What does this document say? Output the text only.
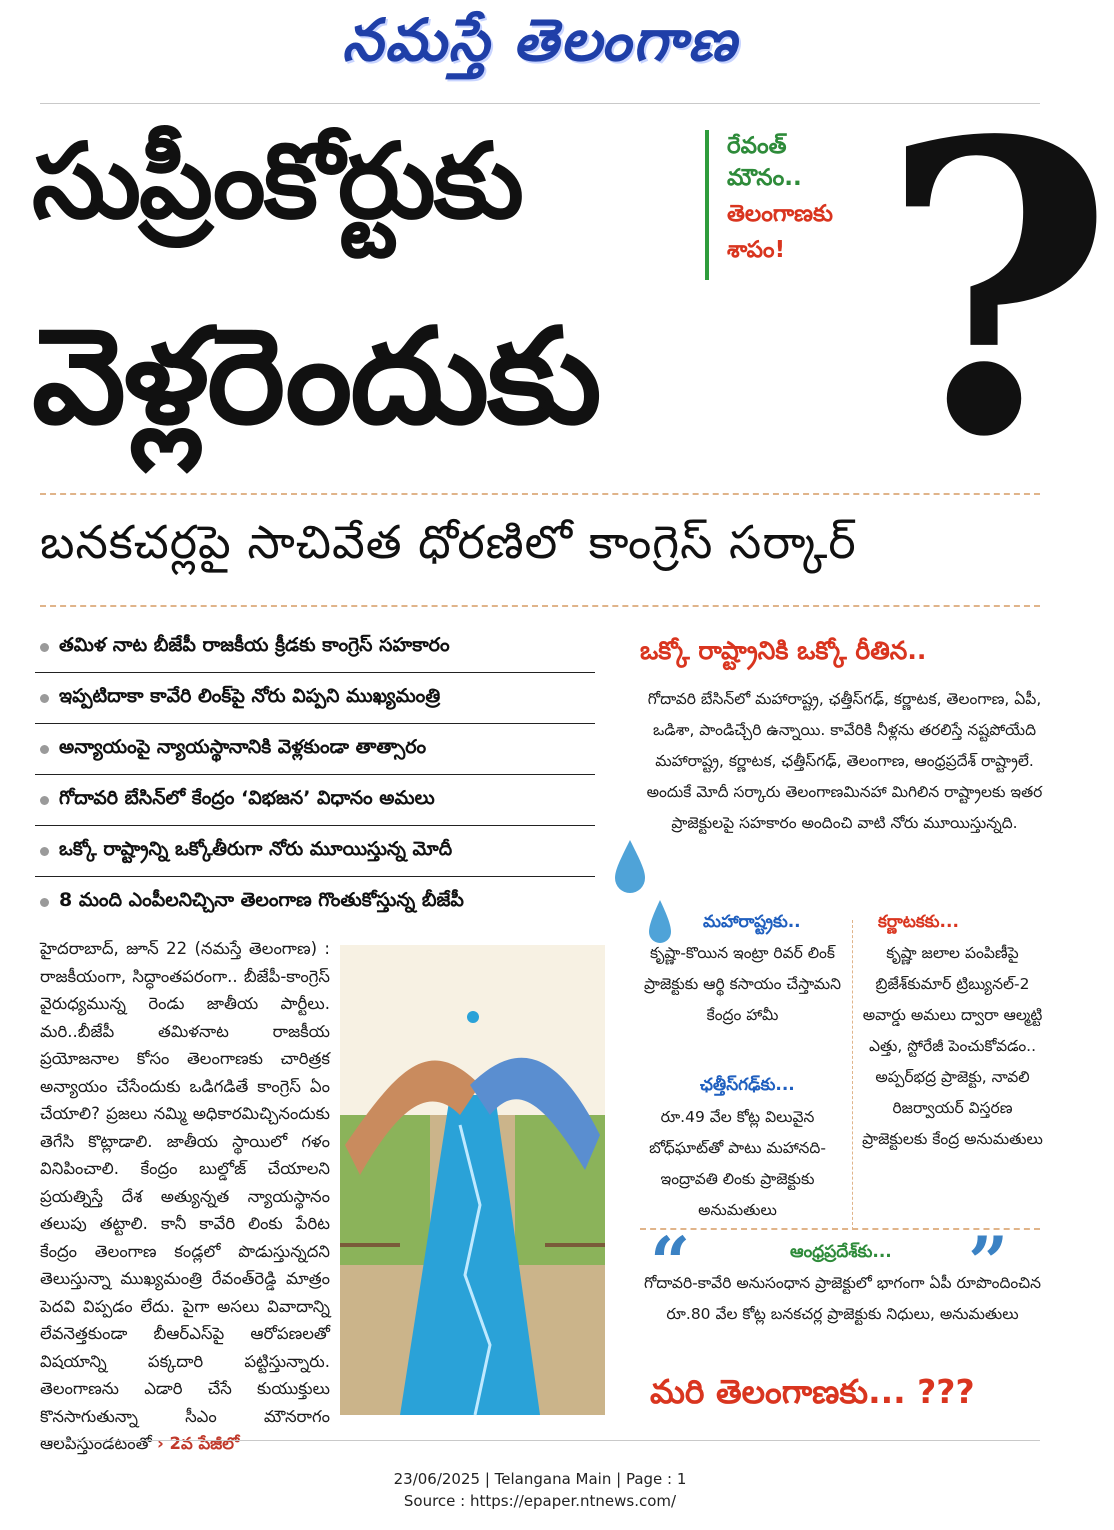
నమస్తే తెలంగాణ
సుప్రీంకోర్టుకు
వెళ్లరెందుకు ?
రేవంత్
మౌనం..
తెలంగాణకు
శాపం!
బనకచర్లపై సాచివేత ధోరణిలో కాంగ్రెస్ సర్కార్
తమిళ నాట బీజేపీ రాజకీయ క్రీడకు కాంగ్రెస్ సహకారం
ఇప్పటిదాకా కావేరి లింక్‌పై నోరు విప్పని ముఖ్యమంత్రి
అన్యాయంపై న్యాయస్థానానికి వెళ్లకుండా తాత్సారం
గోదావరి బేసిన్‌లో కేంద్రం ‘విభజన’ విధానం అమలు
ఒక్కో రాష్ట్రాన్ని ఒక్కోతీరుగా నోరు మూయిస్తున్న మోదీ
8 మంది ఎంపీలనిచ్చినా తెలంగాణ గొంతుకోస్తున్న బీజేపీ
హైదరాబాద్, జూన్ 22 (నమస్తే తెలంగాణ) : రాజకీయంగా, సిద్ధాంతపరంగా.. బీజేపీ-కాంగ్రెస్ వైరుధ్యమున్న రెండు జాతీయ పార్టీలు. మరి..బీజేపీ తమిళనాట రాజకీయ ప్రయోజనాల కోసం తెలంగాణకు చారిత్రక అన్యాయం చేసేందుకు ఒడిగడితే కాంగ్రెస్ ఏం చేయాలి? ప్రజలు నమ్మి అధికారమిచ్చినందుకు తెగేసి కొట్లాడాలి. జాతీయ స్థాయిలో గళం వినిపించాలి. కేంద్రం బుల్డోజ్ చేయాలని ప్రయత్నిస్తే దేశ అత్యున్నత న్యాయస్థానం తలుపు తట్టాలి. కానీ కావేరి లింకు పేరిట కేంద్రం తెలంగాణ కండ్లలో పొడుస్తున్నదని తెలుస్తున్నా ముఖ్యమంత్రి రేవంత్‌రెడ్డి మాత్రం పెదవి విప్పడం లేదు. పైగా అసలు వివాదాన్ని లేవనెత్తకుండా బీఆర్‌ఎస్‌పై ఆరోపణలతో విషయాన్ని పక్కదారి పట్టిస్తున్నారు. తెలంగాణను ఎడారి చేసే కుయుక్తులు కొనసాగుతున్నా సీఎం మౌనరాగం ఆలపిస్తుండటంతో › 2వ పేజీలో
ఒక్కో రాష్ట్రానికి ఒక్కో రీతిన..
గోదావరి బేసిన్‌లో మహారాష్ట్ర, ఛత్తీస్‌గఢ్, కర్ణాటక, తెలంగాణ, ఏపీ, ఒడిశా, పాండిచ్చేరి ఉన్నాయి. కావేరికి నీళ్లను తరలిస్తే నష్టపోయేది మహారాష్ట్ర, కర్ణాటక, ఛత్తీస్‌గఢ్, తెలంగాణ, ఆంధ్రప్రదేశ్ రాష్ట్రాలే. అందుకే మోదీ సర్కారు తెలంగాణమినహా మిగిలిన రాష్ట్రాలకు ఇతర ప్రాజెక్టులపై సహకారం అందించి వాటి నోరు మూయిస్తున్నది.
మహారాష్ట్రకు..
కృష్ణా-కొయిన ఇంట్రా రివర్ లింక్ ప్రాజెక్టుకు ఆర్థి కసాయం చేస్తామని కేంద్రం హామీ
కర్ణాటకకు...
కృష్ణా జలాల పంపిణీపై బ్రిజేశ్‌కుమార్ ట్రిబ్యునల్-2 అవార్డు అమలు ద్వారా ఆల్మట్టి ఎత్తు, స్టోరేజీ పెంచుకోవడం.. అప్పర్‌భద్ర ప్రాజెక్టు, నావలి రిజర్వాయర్ విస్తరణ ప్రాజెక్టులకు కేంద్ర అనుమతులు
ఛత్తీస్‌గఢ్‌కు...
రూ.49 వేల కోట్ల విలువైన బోధ్‌ఘాట్‌తో పాటు మహానది-ఇంద్రావతి లింకు ప్రాజెక్టుకు అనుమతులు
“	”
ఆంధ్రప్రదేశ్‌కు...
గోదావరి-కావేరి అనుసంధాన ప్రాజెక్టులో భాగంగా ఏపీ రూపొందించిన రూ.80 వేల కోట్ల బనకచర్ల ప్రాజెక్టుకు నిధులు, అనుమతులు
మరి తెలంగాణకు... ???
23/06/2025 | Telangana Main | Page : 1
Source : https://epaper.ntnews.com/
